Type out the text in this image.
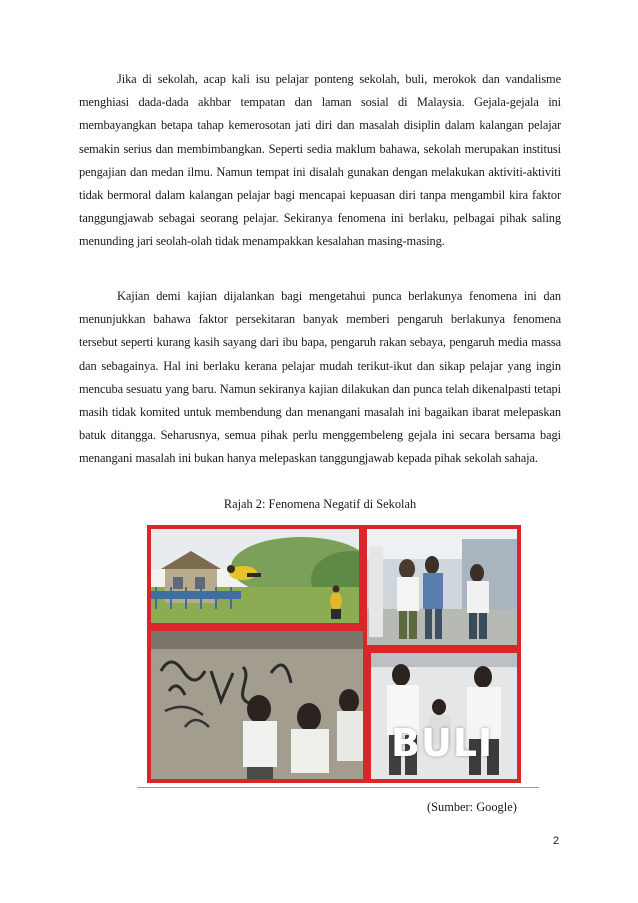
Jika di sekolah, acap kali isu pelajar ponteng sekolah, buli, merokok dan vandalisme menghiasi dada-dada akhbar tempatan dan laman sosial di Malaysia. Gejala-gejala ini membayangkan betapa tahap kemerosotan jati diri dan masalah disiplin dalam kalangan pelajar semakin serius dan membimbangkan. Seperti sedia maklum bahawa, sekolah merupakan institusi pengajian dan medan ilmu. Namun tempat ini disalah gunakan dengan melakukan aktiviti-aktiviti tidak bermoral dalam kalangan pelajar bagi mencapai kepuasan diri tanpa mengambil kira faktor tanggungjawab sebagai seorang pelajar. Sekiranya fenomena ini berlaku, pelbagai pihak saling menunding jari seolah-olah tidak menampakkan kesalahan masing-masing.

Kajian demi kajian dijalankan bagi mengetahui punca berlakunya fenomena ini dan menunjukkan bahawa faktor persekitaran banyak memberi pengaruh berlakunya fenomena tersebut seperti kurang kasih sayang dari ibu bapa, pengaruh rakan sebaya, pengaruh media massa dan sebagainya. Hal ini berlaku kerana pelajar mudah terikut-ikut dan sikap pelajar yang ingin mencuba sesuatu yang baru. Namun sekiranya kajian dilakukan dan punca telah dikenalpasti tetapi masih tidak komited untuk membendung dan menangani masalah ini bagaikan ibarat melepaskan batuk ditangga. Seharusnya, semua pihak perlu menggembeleng gejala ini secara bersama bagi menangani masalah ini bukan hanya melepaskan tanggungjawab kepada pihak sekolah sahaja.

Rajah 2: Fenomena Negatif di Sekolah
BULI
(Sumber: Google)
2
